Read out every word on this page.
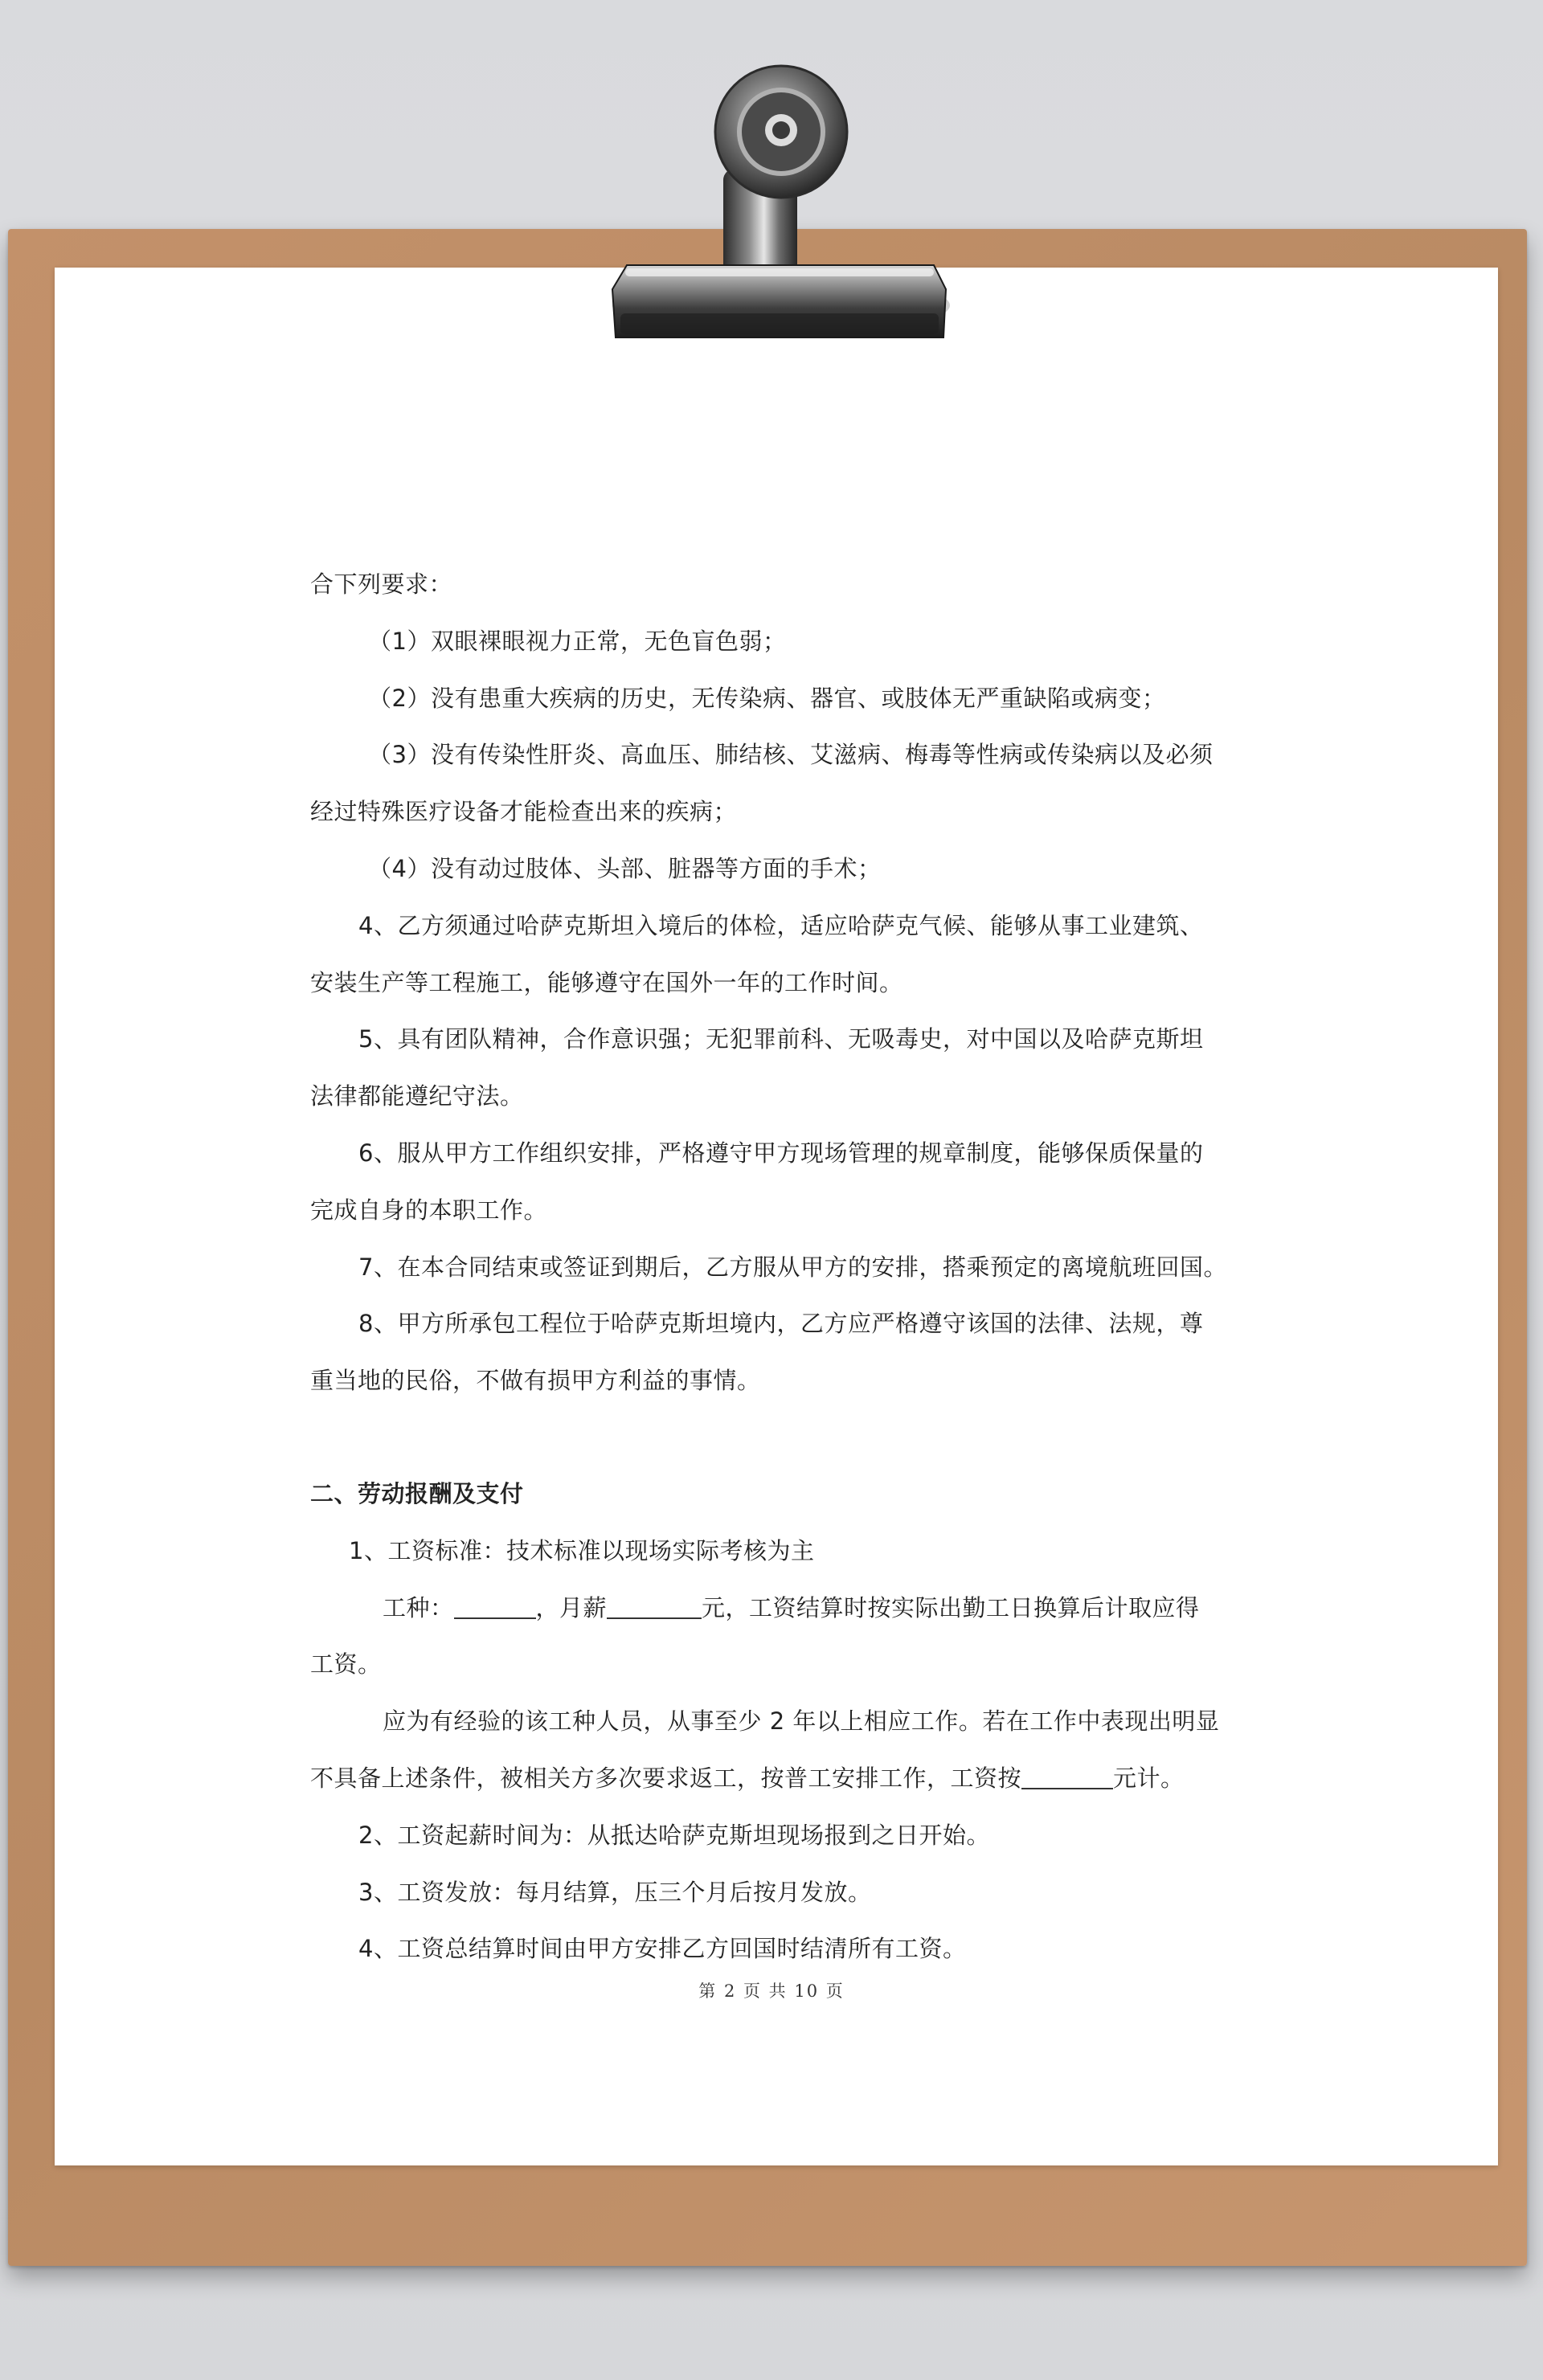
合下列要求：
（1）双眼裸眼视力正常，无色盲色弱；
（2）没有患重大疾病的历史，无传染病、器官、或肢体无严重缺陷或病变；
（3）没有传染性肝炎、高血压、肺结核、艾滋病、梅毒等性病或传染病以及必须
经过特殊医疗设备才能检查出来的疾病；
（4）没有动过肢体、头部、脏器等方面的手术；
4、乙方须通过哈萨克斯坦入境后的体检，适应哈萨克气候、能够从事工业建筑、
安装生产等工程施工，能够遵守在国外一年的工作时间。
5、具有团队精神，合作意识强；无犯罪前科、无吸毒史，对中国以及哈萨克斯坦
法律都能遵纪守法。
6、服从甲方工作组织安排，严格遵守甲方现场管理的规章制度，能够保质保量的
完成自身的本职工作。
7、在本合同结束或签证到期后，乙方服从甲方的安排，搭乘预定的离境航班回国。
8、甲方所承包工程位于哈萨克斯坦境内，乙方应严格遵守该国的法律、法规，尊
重当地的民俗，不做有损甲方利益的事情。
二、劳动报酬及支付
1、工资标准：技术标准以现场实际考核为主
工种：	，月薪	元，工资结算时按实际出勤工日换算后计取应得
工资。
应为有经验的该工种人员，从事至少 2 年以上相应工作。若在工作中表现出明显
不具备上述条件，被相关方多次要求返工，按普工安排工作，工资按	元计。
2、工资起薪时间为：从抵达哈萨克斯坦现场报到之日开始。
3、工资发放：每月结算，压三个月后按月发放。
4、工资总结算时间由甲方安排乙方回国时结清所有工资。
第 2 页 共 10 页
